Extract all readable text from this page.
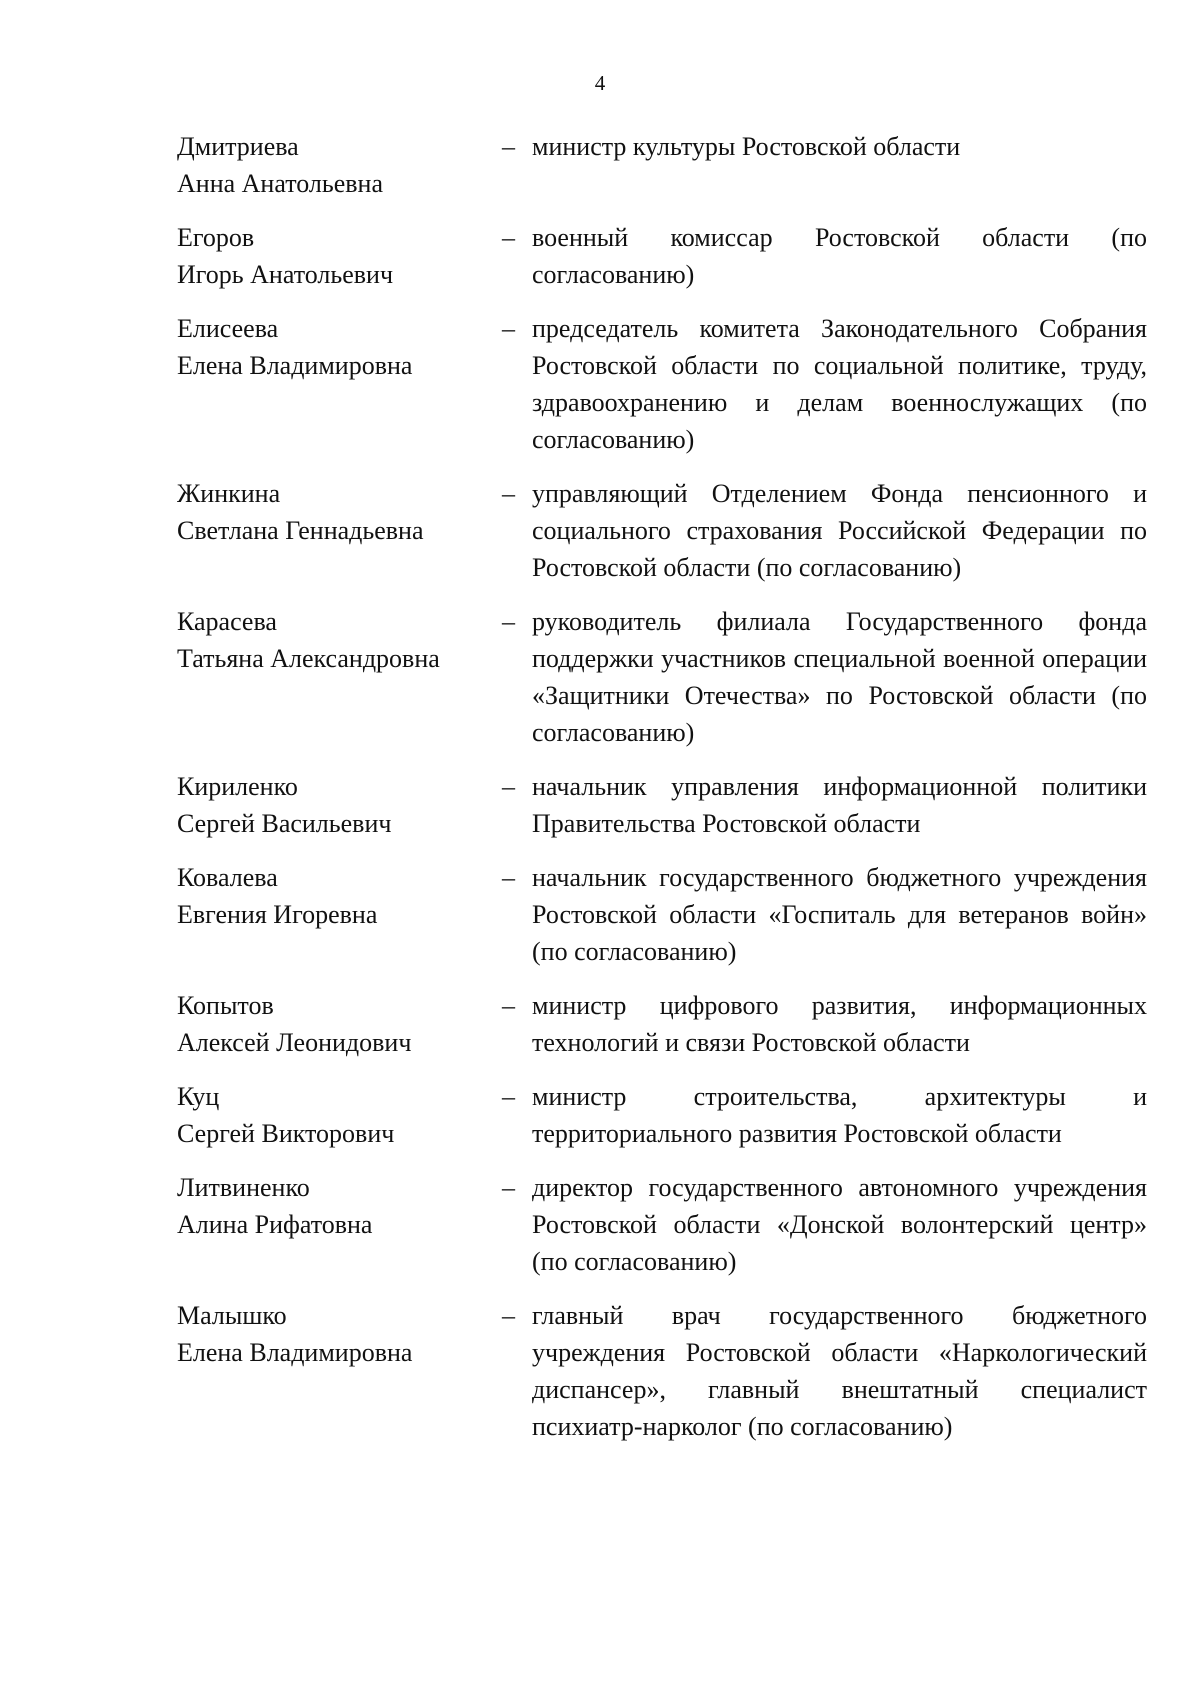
4
Дмитриева
Анна Анатольевна
– министр культуры Ростовской области
Егоров
Игорь Анатольевич
– военный комиссар Ростовской области (по согласованию)
Елисеева
Елена Владимировна
– председатель комитета Законодательного Собрания Ростовской области по социальной политике, труду, здравоохранению и делам военнослужащих (по согласованию)
Жинкина
Светлана Геннадьевна
– управляющий Отделением Фонда пенсионного и социального страхования Российской Федерации по Ростовской области (по согласованию)
Карасева
Татьяна Александровна
– руководитель филиала Государственного фонда поддержки участников специальной военной операции «Защитники Отечества» по Ростовской области (по согласованию)
Кириленко
Сергей Васильевич
– начальник управления информационной политики Правительства Ростовской области
Ковалева
Евгения Игоревна
– начальник государственного бюджетного учреждения Ростовской области «Госпиталь для ветеранов войн» (по согласованию)
Копытов
Алексей Леонидович
– министр цифрового развития, информационных технологий и связи Ростовской области
Куц
Сергей Викторович
– министр строительства, архитектуры и территориального развития Ростовской области
Литвиненко
Алина Рифатовна
– директор государственного автономного учреждения Ростовской области «Донской волонтерский центр» (по согласованию)
Малышко
Елена Владимировна
– главный врач государственного бюджетного учреждения Ростовской области «Наркологический диспансер», главный внештатный специалист психиатр-нарколог (по согласованию)
